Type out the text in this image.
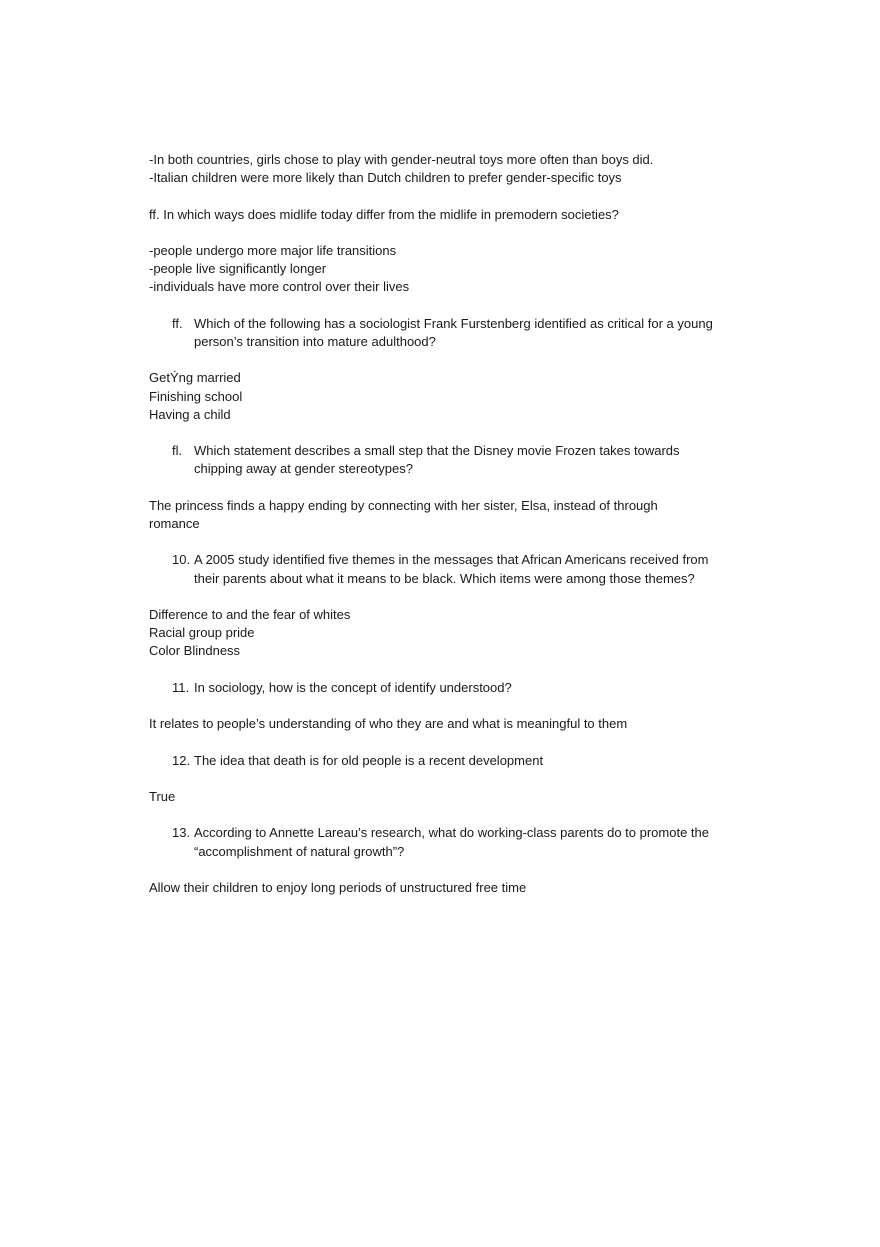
-In both countries, girls chose to play with gender-neutral toys more often than boys did.
-Italian children were more likely than Dutch children to prefer gender-specific toys
ff. In which ways does midlife today differ from the midlife in premodern societies?
-people undergo more major life transitions
-people live significantly longer
-individuals have more control over their lives
ff. Which of the following has a sociologist Frank Furstenberg identified as critical for a young person’s transition into mature adulthood?
GetÝng married
Finishing school
Having a child
fl. Which statement describes a small step that the Disney movie Frozen takes towards chipping away at gender stereotypes?
The princess finds a happy ending by connecting with her sister, Elsa, instead of through romance
10. A 2005 study identified five themes in the messages that African Americans received from their parents about what it means to be black. Which items were among those themes?
Difference to and the fear of whites
Racial group pride
Color Blindness
11. In sociology, how is the concept of identify understood?
It relates to people’s understanding of who they are and what is meaningful to them
12. The idea that death is for old people is a recent development
True
13. According to Annette Lareau’s research, what do working-class parents do to promote the “accomplishment of natural growth”?
Allow their children to enjoy long periods of unstructured free time
